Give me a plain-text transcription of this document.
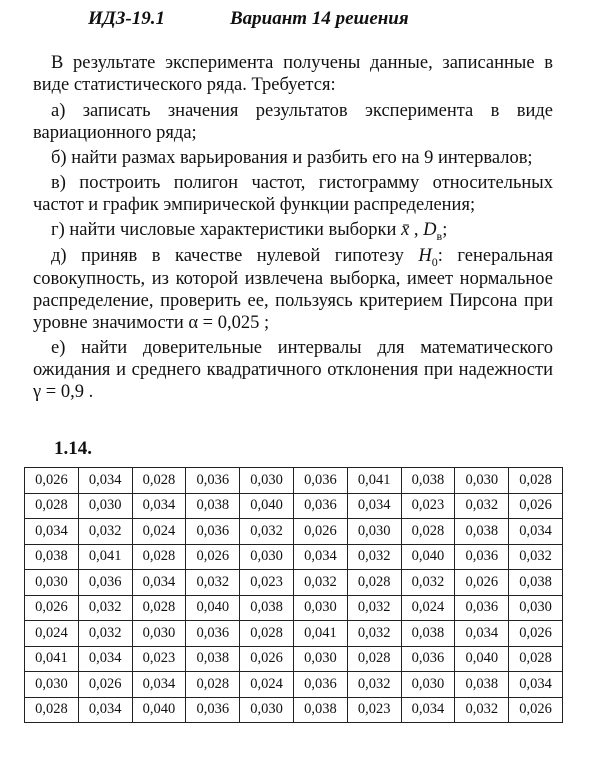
ИДЗ-19.1	Вариант 14 решения

В результате эксперимента получены данные, записанные в виде статистического ряда. Требуется:

а) записать значения результатов эксперимента в виде вариационного ряда;

б) найти размах варьирования и разбить его на 9 интервалов;

в) построить полигон частот, гистограмму относительных частот и график эмпирической функции распределения;

г) найти числовые характеристики выборки x̄ , $D_в$;

д) приняв в качестве нулевой гипотезу $H_0$: генеральная совокупность, из которой извлечена выборка, имеет нормальное распределение, проверить ее, пользуясь критерием Пирсона при уровне значимости α = 0,025 ;

е) найти доверительные интервалы для математического ожидания и среднего квадратичного отклонения при надежности γ = 0,9 .

1.14.
0,026	0,034	0,028	0,036	0,030	0,036	0,041	0,038	0,030	0,028
0,028	0,030	0,034	0,038	0,040	0,036	0,034	0,023	0,032	0,026
0,034	0,032	0,024	0,036	0,032	0,026	0,030	0,028	0,038	0,034
0,038	0,041	0,028	0,026	0,030	0,034	0,032	0,040	0,036	0,032
0,030	0,036	0,034	0,032	0,023	0,032	0,028	0,032	0,026	0,038
0,026	0,032	0,028	0,040	0,038	0,030	0,032	0,024	0,036	0,030
0,024	0,032	0,030	0,036	0,028	0,041	0,032	0,038	0,034	0,026
0,041	0,034	0,023	0,038	0,026	0,030	0,028	0,036	0,040	0,028
0,030	0,026	0,034	0,028	0,024	0,036	0,032	0,030	0,038	0,034
0,028	0,034	0,040	0,036	0,030	0,038	0,023	0,034	0,032	0,026
